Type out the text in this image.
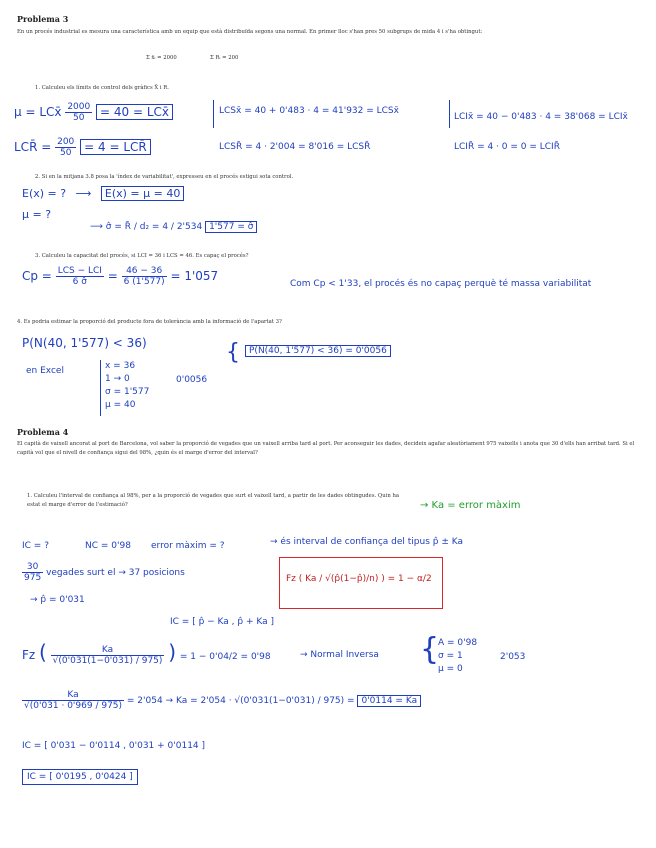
Problema 3
En un procés industrial es mesura una característica amb un equip que està distribuïda segons una normal. En primer lloc s'han pres 50 subgrups de mida 4 i s'ha obtingut:
Σ x̄ᵢ = 2000	Σ Rᵢ = 200
1. Calculeu els límits de control dels gràfics X̄ i R.
μ = LCx̄ $\frac{2000}{50} = 40$ = LCx̄	LCSx̄ = 40 + 0'483 · 4 = 41'932 = LCSx̄
LCIx̄ = 40 − 0'483 · 4 = 38'068 = LCIx̄
LCR̄ = $\frac{200}{50} = 4$ = LCR̄	LCSR̄ = 4 · 2'004 = 8'016 = LCSR̄	LCIR̄ = 4 · 0 = 0 = LCIR̄
2. Si en la mitjana 3.8 posa la 'índex de variabilitat', expresseu en el procés estigui sota control.
E(x) = ? ⟶ E(x) = μ = 40
μ = ?
⟶ σ̂ = R̄ / d₂ = 4 / 2'534 1'577 = σ̂
3. Calculeu la capacitat del procés, si LCI = 36 i LCS = 46. Es capaç el procés?
$Cp = \frac{\text{LCS − LCI}}{6 \sigmâ} = \frac{46 - 36}{6 (1'577)} = 1'057$
Com Cp < 1'33, el procés és no capaç perquè té massa variabilitat
4. Es podria estimar la proporció del producte fora de tolerància amb la informació de l'apartat 3?
P(N(40, 1'577) < 36)
en Excel	x = 36
1 → 0
σ = 1'577
μ = 40
0'0056
{	P(N(40, 1'577) < 36) = 0'0056
Problema 4
El capità de vaixell ancorat al port de Barcelona, vol saber la proporció de vegades que un vaixell arriba tard al port. Per aconseguir les dades, decideix agafar aleatòriament 975 vaixells i anota que 30 d'ells han arribat tard. Si el capità vol que el nivell de confiança sigui del 98%, ¿quin és el marge d'error del interval?
1. Calculeu l'interval de confiança al 98%, per a la proporció de vegades que surt el vaixell tard, a partir de les dades obtingudes. Quin ha estat el marge d'error de l'estimació?	→ Ka = error màxim
IC = ?	NC = 0'98 error màxim = ?	→ és interval de confiança del tipus p̂ ± Ka
$\frac{30}{975}$ vegades surt el → 37 posicions
→ p̂ = 0'031
Fz ( Ka / √(p̂(1−p̂)/n) ) = 1 − α/2
IC = [ p̂ − Ka , p̂ + Ka ]
Fz ( $\frac{Ka}{√(0'031(1-0'031) / 975)}$ ) = 1 − 0'04/2 = 0'98	→ Normal Inversa {
A = 0'98
σ = 1
μ = 0
2'053
$\frac{Ka}{√(0'031 \cdot 0'969 / 975)} = 2'054 \to Ka = 2'054 \cdot √(0'031(1-0'031) / 975) = 0'0114 = Ka$
IC = [ 0'031 − 0'0114 , 0'031 + 0'0114 ]
IC = [ 0'0195 , 0'0424 ]
